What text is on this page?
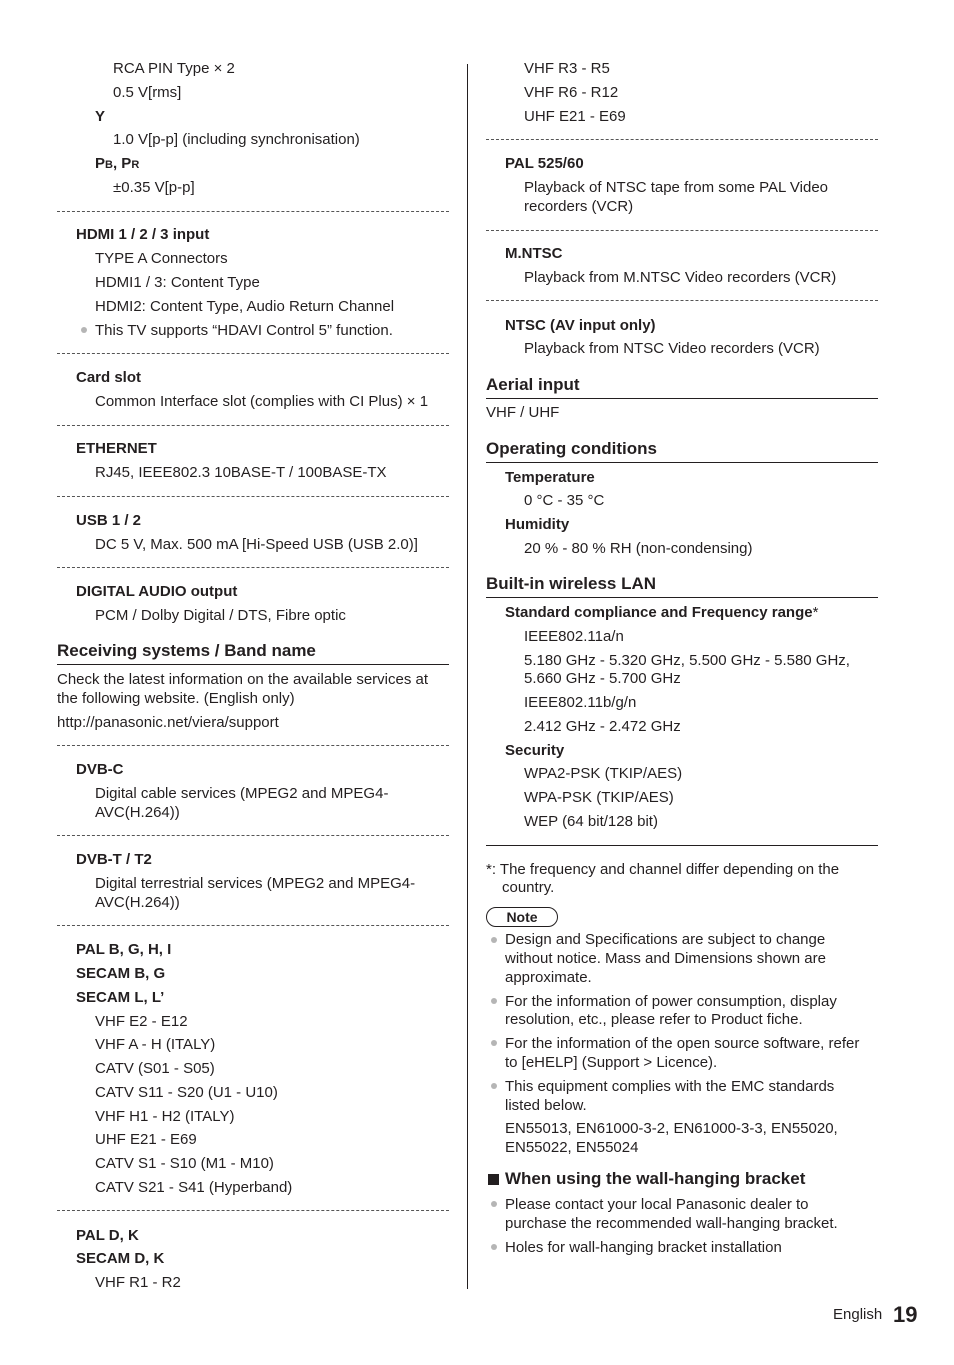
RCA PIN Type × 2
0.5 V[rms]
Y
1.0 V[p-p] (including synchronisation)
PB, PR
±0.35 V[p-p]
HDMI 1 / 2 / 3 input
TYPE A Connectors
HDMI1 / 3: Content Type
HDMI2: Content Type, Audio Return Channel
This TV supports “HDAVI Control 5” function.
Card slot
Common Interface slot (complies with CI Plus) × 1
ETHERNET
RJ45, IEEE802.3 10BASE-T / 100BASE-TX
USB 1 / 2
DC 5 V, Max. 500 mA [Hi-Speed USB (USB 2.0)]
DIGITAL AUDIO output
PCM / Dolby Digital / DTS, Fibre optic
Receiving systems / Band name
Check the latest information on the available services at
the following website. (English only)
http://panasonic.net/viera/support
DVB-C
Digital cable services (MPEG2 and MPEG4-
AVC(H.264))
DVB-T / T2
Digital terrestrial services (MPEG2 and MPEG4-
AVC(H.264))
PAL B, G, H, I
SECAM B, G
SECAM L, L’
VHF E2 - E12
VHF A - H (ITALY)
CATV (S01 - S05)
CATV S11 - S20 (U1 - U10)
VHF H1 - H2 (ITALY)
UHF E21 - E69
CATV S1 - S10 (M1 - M10)
CATV S21 - S41 (Hyperband)
PAL D, K
SECAM D, K
VHF R1 - R2
VHF R3 - R5
VHF R6 - R12
UHF E21 - E69
PAL 525/60
Playback of NTSC tape from some PAL Video
recorders (VCR)
M.NTSC
Playback from M.NTSC Video recorders (VCR)
NTSC (AV input only)
Playback from NTSC Video recorders (VCR)
Aerial input
VHF / UHF
Operating conditions
Temperature
0 °C - 35 °C
Humidity
20 % - 80 % RH (non-condensing)
Built-in wireless LAN
Standard compliance and Frequency range*
IEEE802.11a/n
5.180 GHz - 5.320 GHz, 5.500 GHz - 5.580 GHz,
5.660 GHz - 5.700 GHz
IEEE802.11b/g/n
2.412 GHz - 2.472 GHz
Security
WPA2-PSK (TKIP/AES)
WPA-PSK (TKIP/AES)
WEP (64 bit/128 bit)
*: The frequency and channel differ depending on the
country.
Note
Design and Specifications are subject to change
without notice. Mass and Dimensions shown are
approximate.
For the information of power consumption, display
resolution, etc., please refer to Product fiche.
For the information of the open source software, refer
to [eHELP] (Support > Licence).
This equipment complies with the EMC standards
listed below.
EN55013, EN61000-3-2, EN61000-3-3, EN55020,
EN55022, EN55024
When using the wall-hanging bracket
Please contact your local Panasonic dealer to
purchase the recommended wall-hanging bracket.
Holes for wall-hanging bracket installation
English 19
